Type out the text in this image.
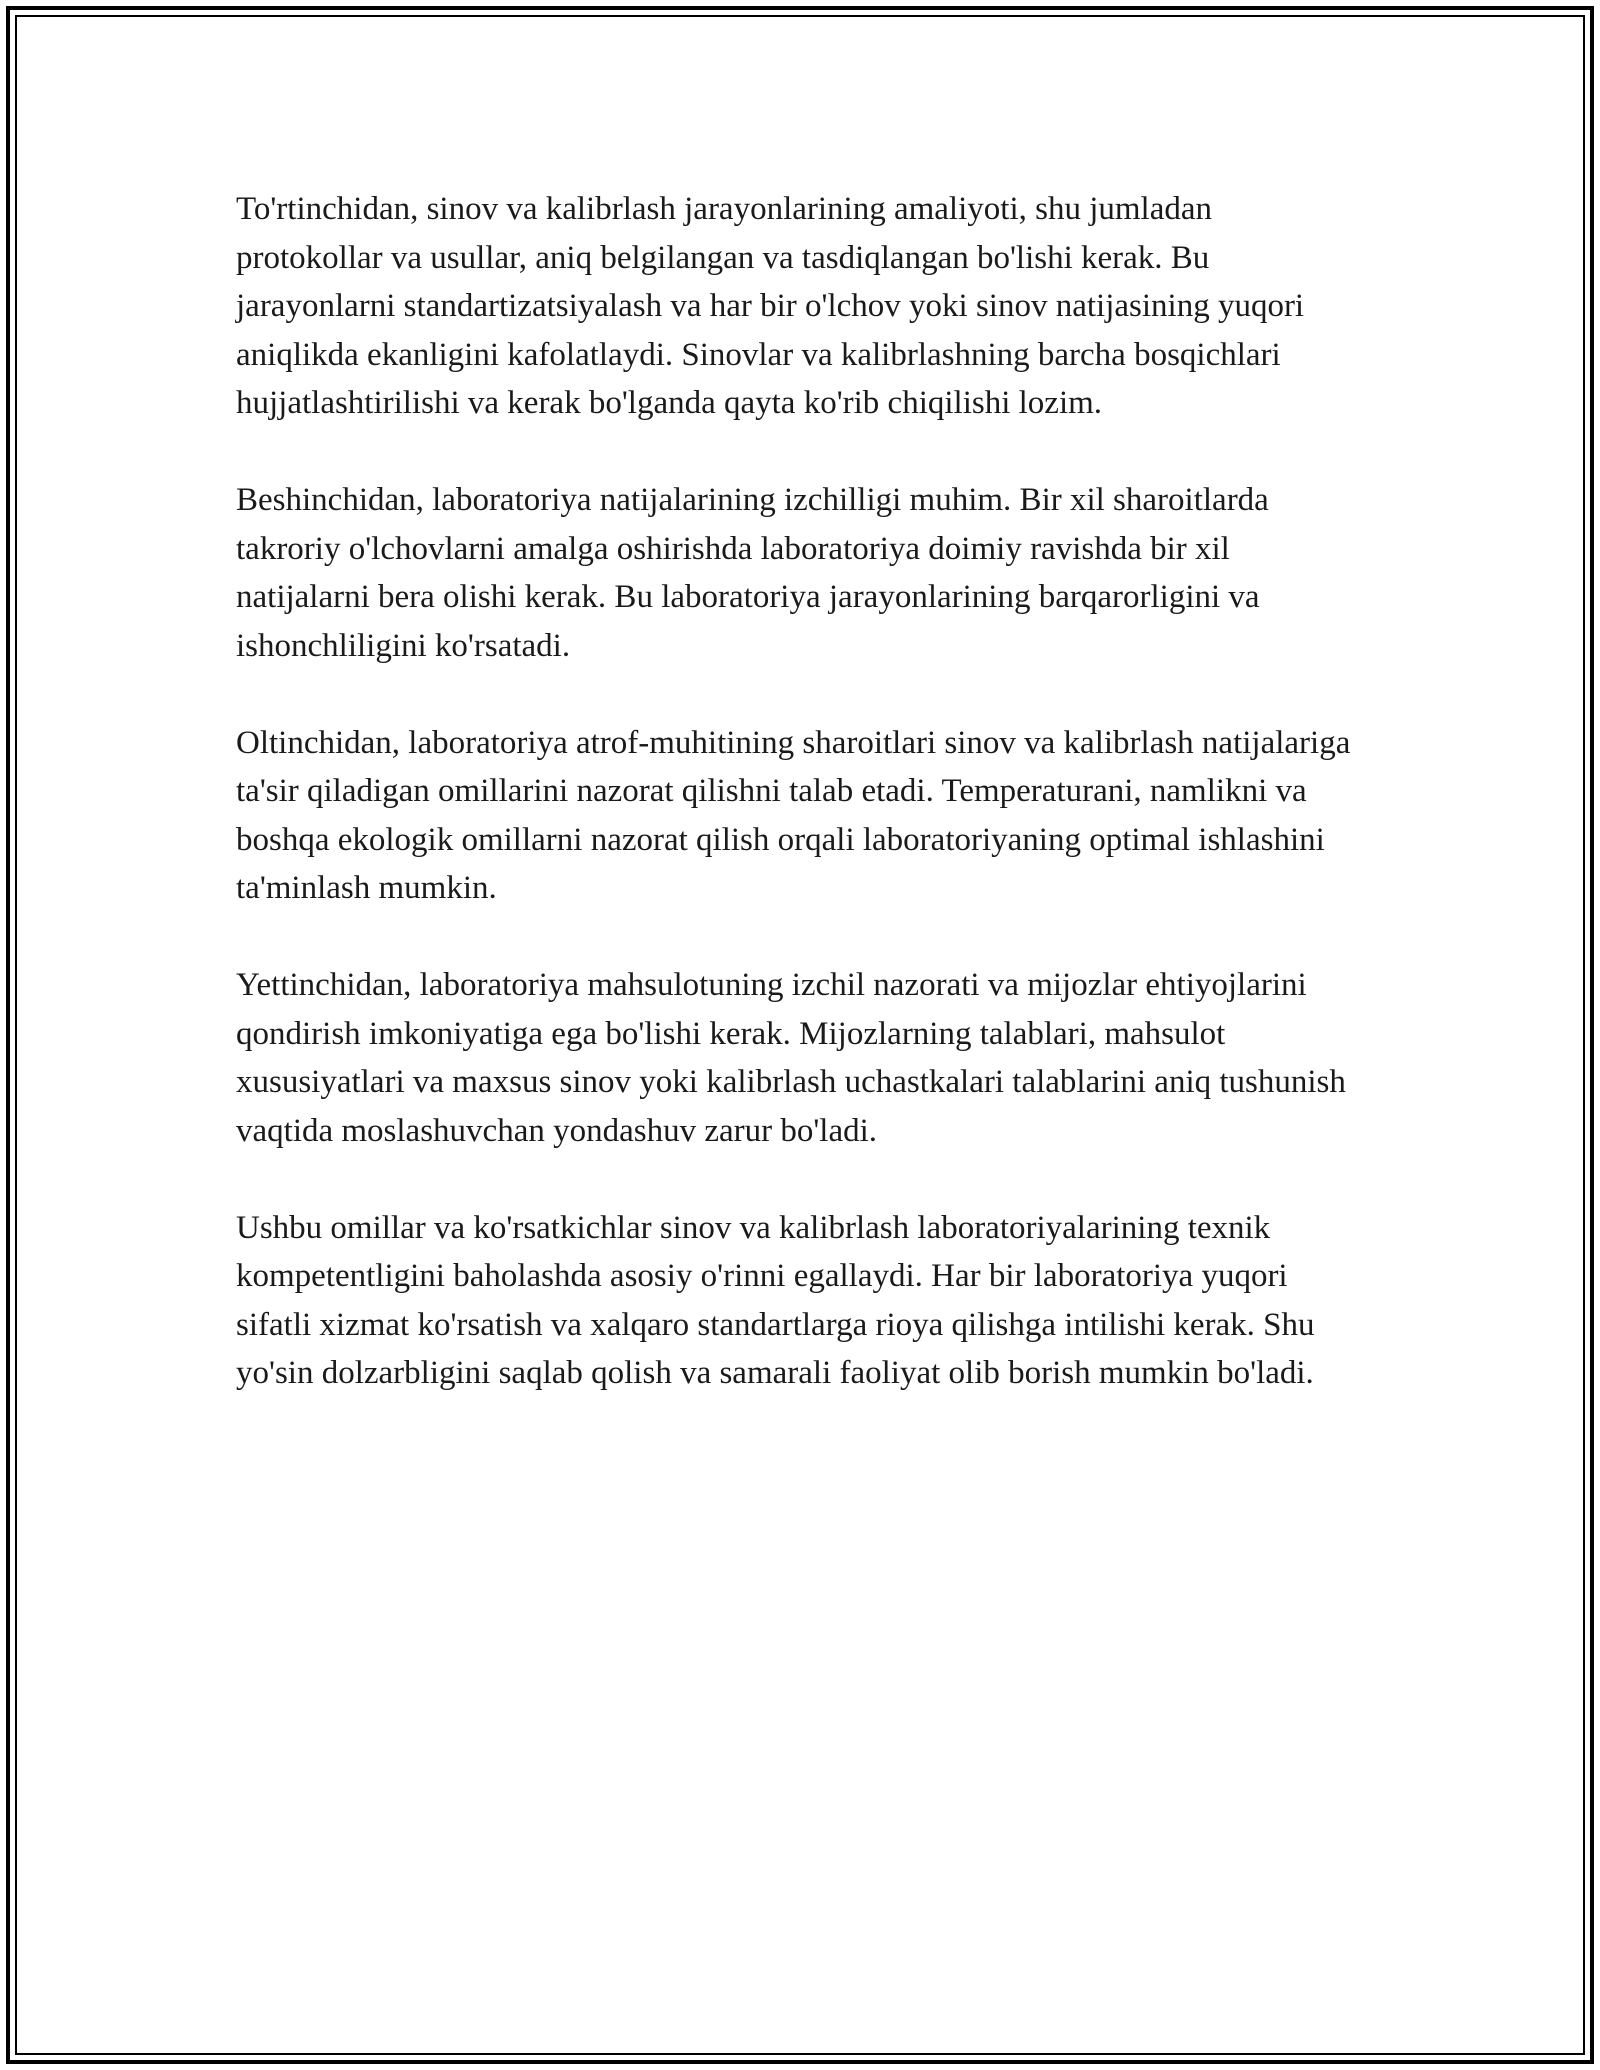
To'rtinchidan, sinov va kalibrlash jarayonlarining amaliyoti, shu jumladan protokollar va usullar, aniq belgilangan va tasdiqlangan bo'lishi kerak. Bu jarayonlarni standartizatsiyalash va har bir o'lchov yoki sinov natijasining yuqori aniqlikda ekanligini kafolatlaydi. Sinovlar va kalibrlashning barcha bosqichlari hujjatlashtirilishi va kerak bo'lganda qayta ko'rib chiqilishi lozim.

Beshinchidan, laboratoriya natijalarining izchilligi muhim. Bir xil sharoitlarda takroriy o'lchovlarni amalga oshirishda laboratoriya doimiy ravishda bir xil natijalarni bera olishi kerak. Bu laboratoriya jarayonlarining barqarorligini va ishonchliligini ko'rsatadi.

Oltinchidan, laboratoriya atrof-muhitining sharoitlari sinov va kalibrlash natijalariga ta'sir qiladigan omillarini nazorat qilishni talab etadi. Temperaturani, namlikni va boshqa ekologik omillarni nazorat qilish orqali laboratoriyaning optimal ishlashini ta'minlash mumkin.

Yettinchidan, laboratoriya mahsulotuning izchil nazorati va mijozlar ehtiyojlarini qondirish imkoniyatiga ega bo'lishi kerak. Mijozlarning talablari, mahsulot xususiyatlari va maxsus sinov yoki kalibrlash uchastkalari talablarini aniq tushunish vaqtida moslashuvchan yondashuv zarur bo'ladi.

Ushbu omillar va ko'rsatkichlar sinov va kalibrlash laboratoriyalarining texnik kompetentligini baholashda asosiy o'rinni egallaydi. Har bir laboratoriya yuqori sifatli xizmat ko'rsatish va xalqaro standartlarga rioya qilishga intilishi kerak. Shu yo'sin dolzarbligini saqlab qolish va samarali faoliyat olib borish mumkin bo'ladi.
